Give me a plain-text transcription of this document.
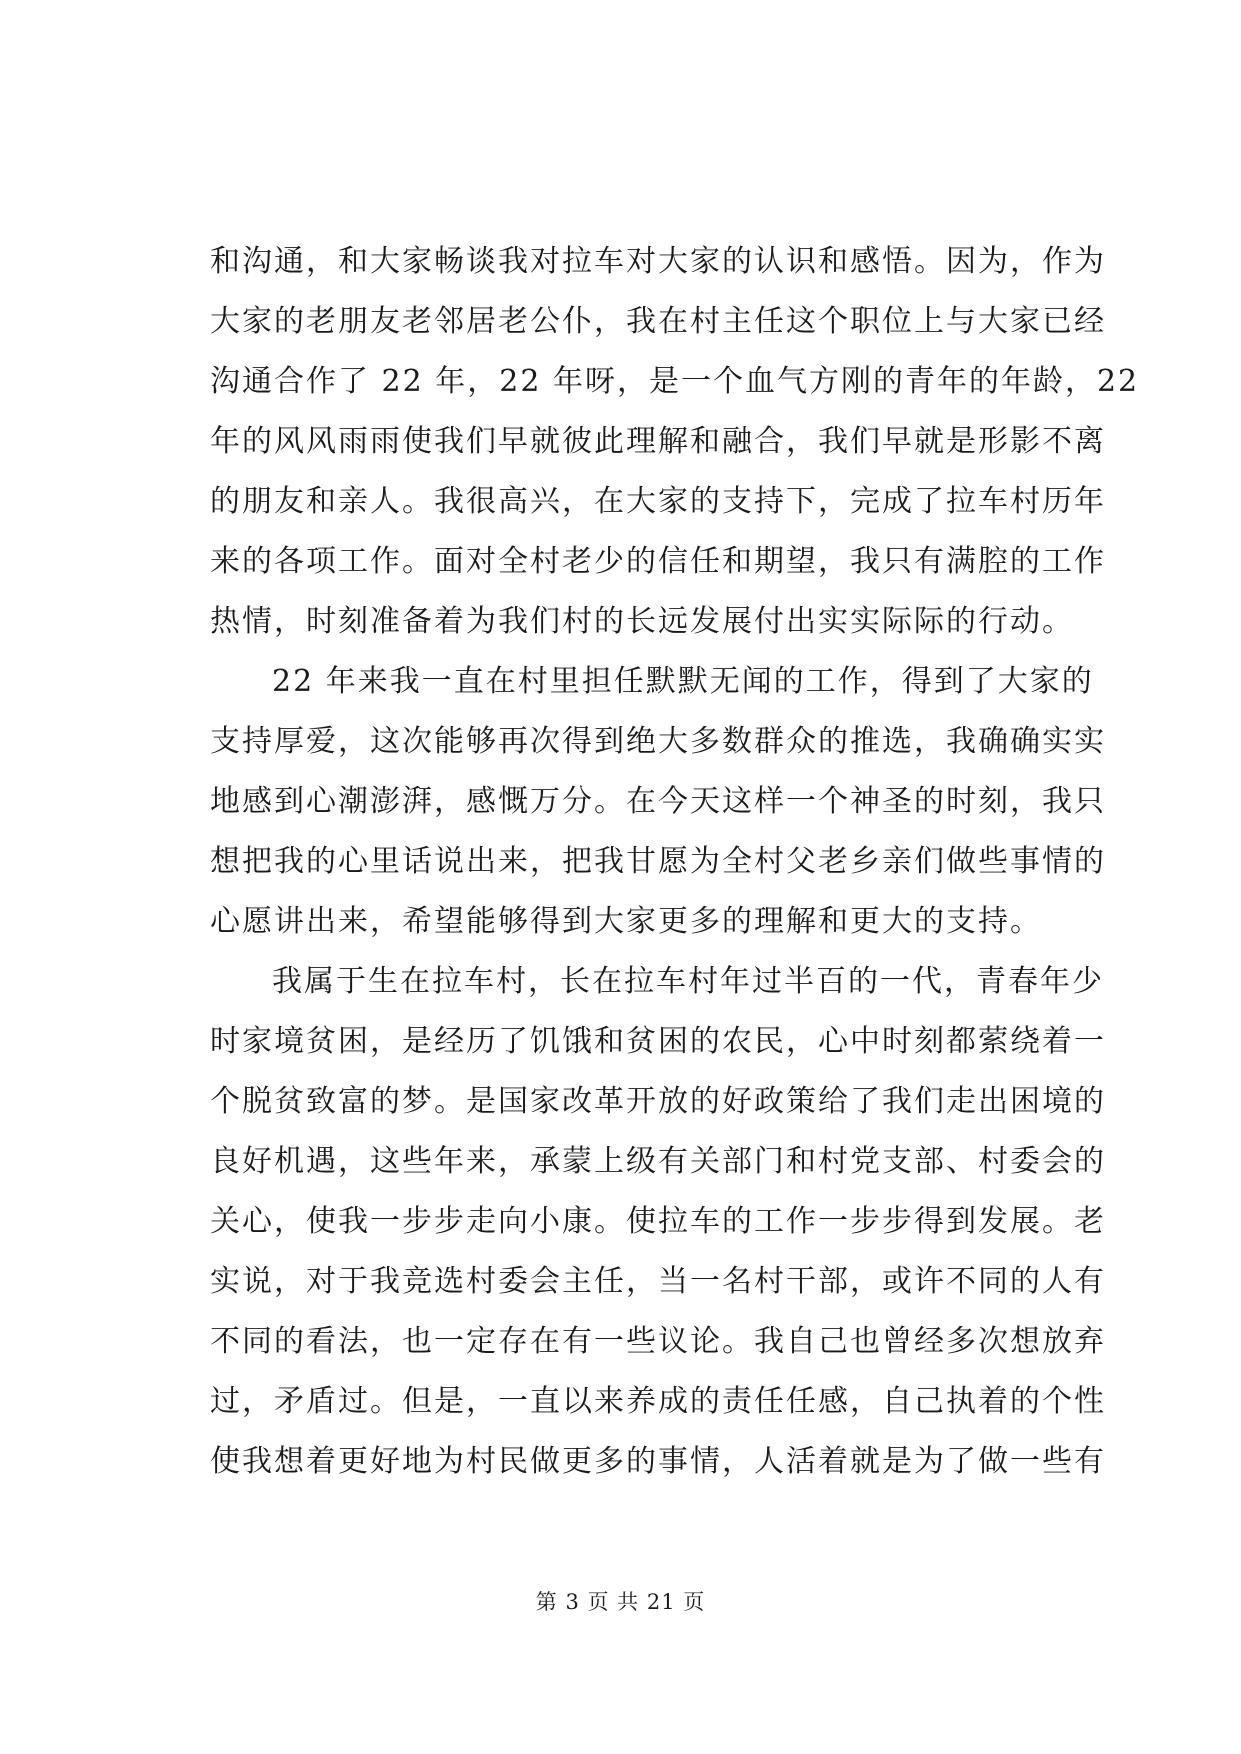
和沟通，和大家畅谈我对拉车对大家的认识和感悟。因为，作为
大家的老朋友老邻居老公仆，我在村主任这个职位上与大家已经
沟通合作了 22 年，22 年呀，是一个血气方刚的青年的年龄，22
年的风风雨雨使我们早就彼此理解和融合，我们早就是形影不离
的朋友和亲人。我很高兴，在大家的支持下，完成了拉车村历年
来的各项工作。面对全村老少的信任和期望，我只有满腔的工作
热情，时刻准备着为我们村的长远发展付出实实际际的行动。
22 年来我一直在村里担任默默无闻的工作，得到了大家的
支持厚爱，这次能够再次得到绝大多数群众的推选，我确确实实
地感到心潮澎湃，感慨万分。在今天这样一个神圣的时刻，我只
想把我的心里话说出来，把我甘愿为全村父老乡亲们做些事情的
心愿讲出来，希望能够得到大家更多的理解和更大的支持。
我属于生在拉车村，长在拉车村年过半百的一代，青春年少
时家境贫困，是经历了饥饿和贫困的农民，心中时刻都萦绕着一
个脱贫致富的梦。是国家改革开放的好政策给了我们走出困境的
良好机遇，这些年来，承蒙上级有关部门和村党支部、村委会的
关心，使我一步步走向小康。使拉车的工作一步步得到发展。老
实说，对于我竞选村委会主任，当一名村干部，或许不同的人有
不同的看法，也一定存在有一些议论。我自己也曾经多次想放弃
过，矛盾过。但是，一直以来养成的责任任感，自己执着的个性
使我想着更好地为村民做更多的事情，人活着就是为了做一些有
第 3 页 共 21 页
